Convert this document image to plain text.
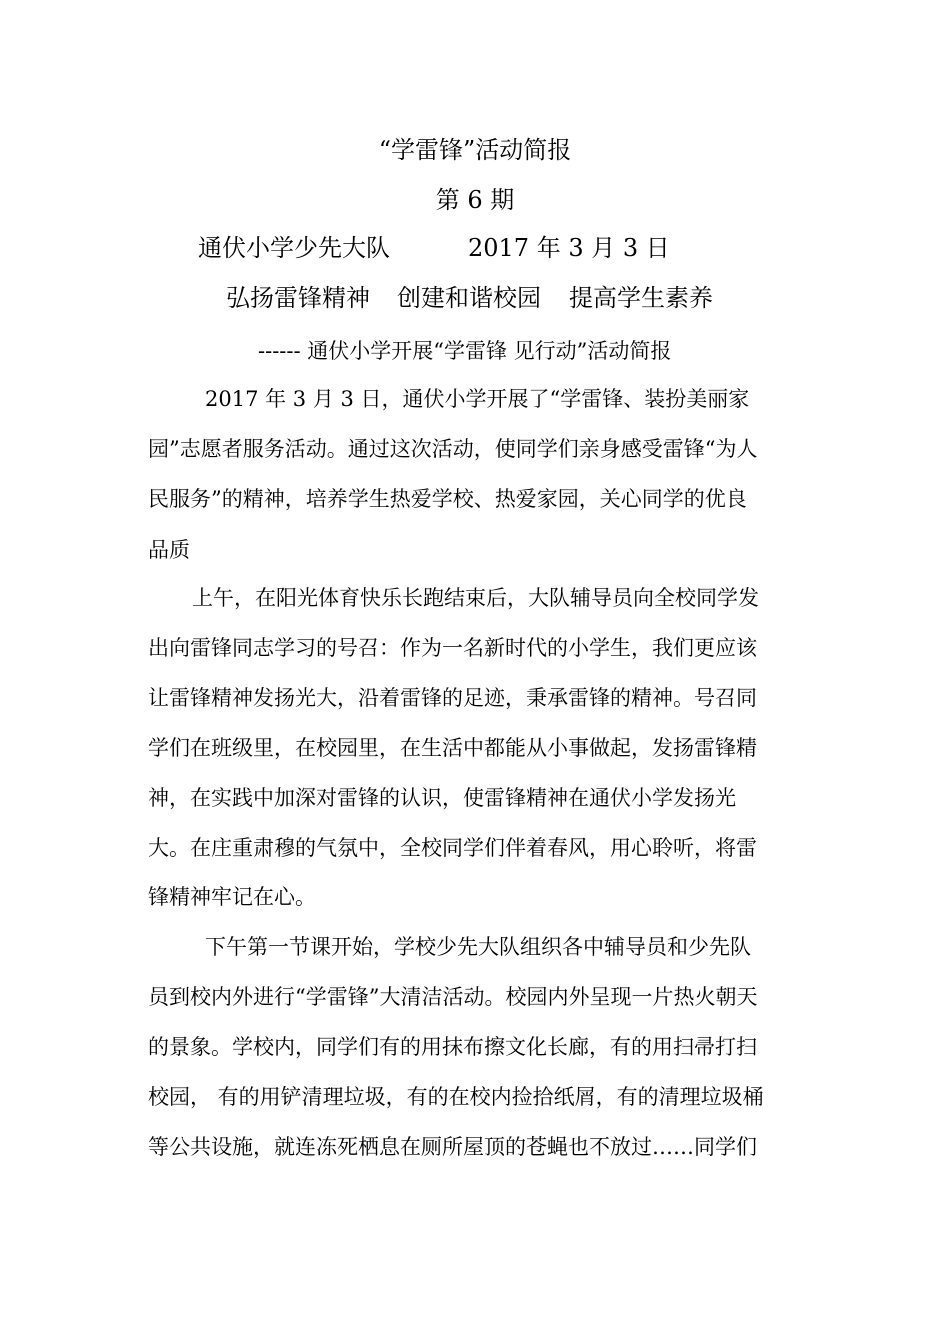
“学雷锋”活动简报
第 6 期
通伏小学少先大队	2017 年 3 月 3 日
弘扬雷锋精神 创建和谐校园 提高学生素养
------ 通伏小学开展“学雷锋 见行动”活动简报
2017 年 3 月 3 日，通伏小学开展了“学雷锋、装扮美丽家
园”志愿者服务活动。通过这次活动，使同学们亲身感受雷锋“为人
民服务”的精神，培养学生热爱学校、热爱家园，关心同学的优良
品质
上午，在阳光体育快乐长跑结束后，大队辅导员向全校同学发
出向雷锋同志学习的号召：作为一名新时代的小学生，我们更应该
让雷锋精神发扬光大，沿着雷锋的足迹，秉承雷锋的精神。号召同
学们在班级里，在校园里，在生活中都能从小事做起，发扬雷锋精
神，在实践中加深对雷锋的认识，使雷锋精神在通伏小学发扬光
大。在庄重肃穆的气氛中，全校同学们伴着春风，用心聆听，将雷
锋精神牢记在心。
下午第一节课开始，学校少先大队组织各中辅导员和少先队
员到校内外进行“学雷锋”大清洁活动。校园内外呈现一片热火朝天
的景象。学校内，同学们有的用抹布擦文化长廊，有的用扫帚打扫
校园， 有的用铲清理垃圾，有的在校内捡拾纸屑，有的清理垃圾桶
等公共设施，就连冻死栖息在厕所屋顶的苍蝇也不放过……同学们
